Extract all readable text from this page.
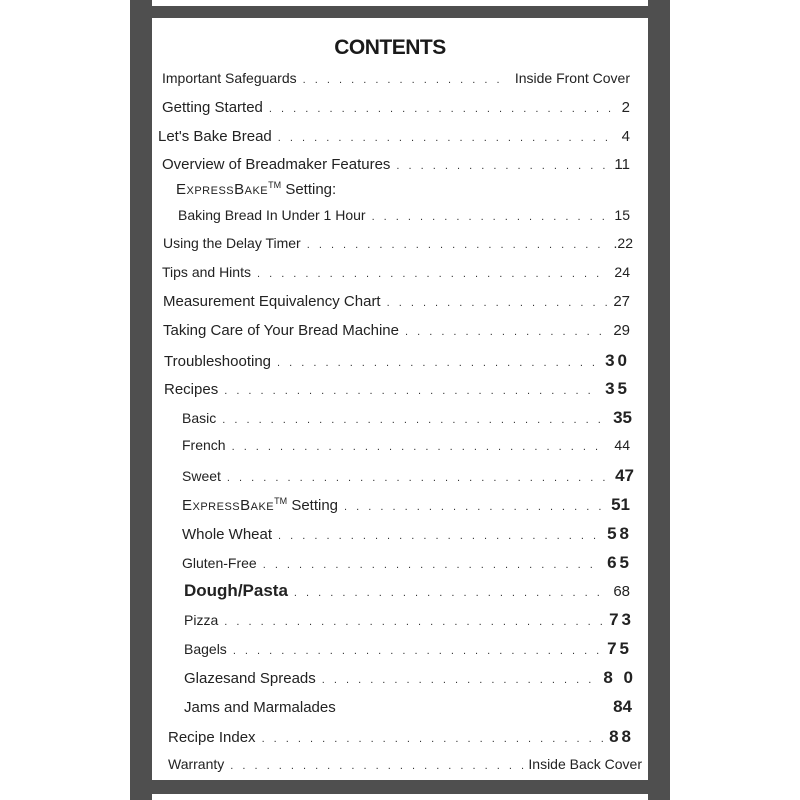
CONTENTS
Important Safeguards . . .	Inside Front Cover
Getting Started . . .	2
Let's Bake Bread . . .	4
Overview of Breadmaker Features . . .	11
ExpressBake™ Setting:
Baking Bread In Under 1 Hour . . .	15
Using the Delay Timer . . .	.22
Tips and Hints . . .	24
Measurement Equivalency Chart . . .	27
Taking Care of Your Bread Machine . . .	29
Troubleshooting . . .	30
Recipes . . .	35
Basic . . .	35
French . . .	44
Sweet . . .	47
ExpressBake™ Setting . . .	51
Whole Wheat . . .	58
Gluten-Free . . .	65
Dough/Pasta . . .	68
Pizza . . .	73
Bagels . . .	75
Glazesand Spreads . . .	8 0
Jams and Marmalades	84
Recipe Index . . .	88
Warranty . . .	Inside Back Cover
